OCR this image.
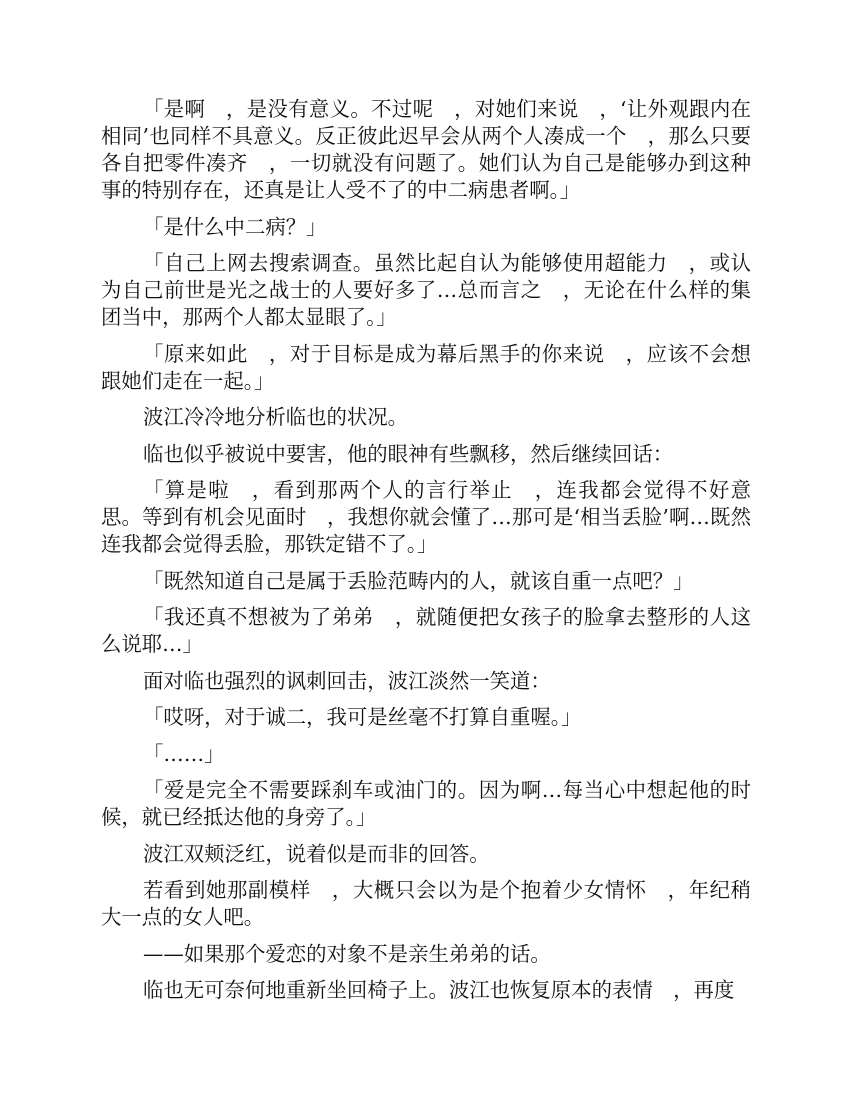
「是啊　，是没有意义。不过呢　，对她们来说　，‘让外观跟内在相同’也同样不具意义。反正彼此迟早会从两个人凑成一个　，那么只要各自把零件凑齐　，一切就没有问题了。她们认为自己是能够办到这种事的特别存在，还真是让人受不了的中二病患者啊。」

「是什么中二病？」

「自己上网去搜索调查。虽然比起自认为能够使用超能力　，或认为自己前世是光之战士的人要好多了…总而言之　，无论在什么样的集团当中，那两个人都太显眼了。」

「原来如此　，对于目标是成为幕后黑手的你来说　，应该不会想跟她们走在一起。」

波江冷冷地分析临也的状况。

临也似乎被说中要害，他的眼神有些飘移，然后继续回话：

「算是啦　，看到那两个人的言行举止　，连我都会觉得不好意思。等到有机会见面时　，我想你就会懂了…那可是‘相当丢脸’啊…既然连我都会觉得丢脸，那铁定错不了。」

「既然知道自己是属于丢脸范畴内的人，就该自重一点吧？」

「我还真不想被为了弟弟　，就随便把女孩子的脸拿去整形的人这么说耶…」

面对临也强烈的讽刺回击，波江淡然一笑道：

「哎呀，对于诚二，我可是丝毫不打算自重喔。」

「……」

「爱是完全不需要踩刹车或油门的。因为啊…每当心中想起他的时候，就已经抵达他的身旁了。」

波江双颊泛红，说着似是而非的回答。

若看到她那副模样　，大概只会以为是个抱着少女情怀　，年纪稍大一点的女人吧。

——如果那个爱恋的对象不是亲生弟弟的话。

临也无可奈何地重新坐回椅子上。波江也恢复原本的表情　，再度
